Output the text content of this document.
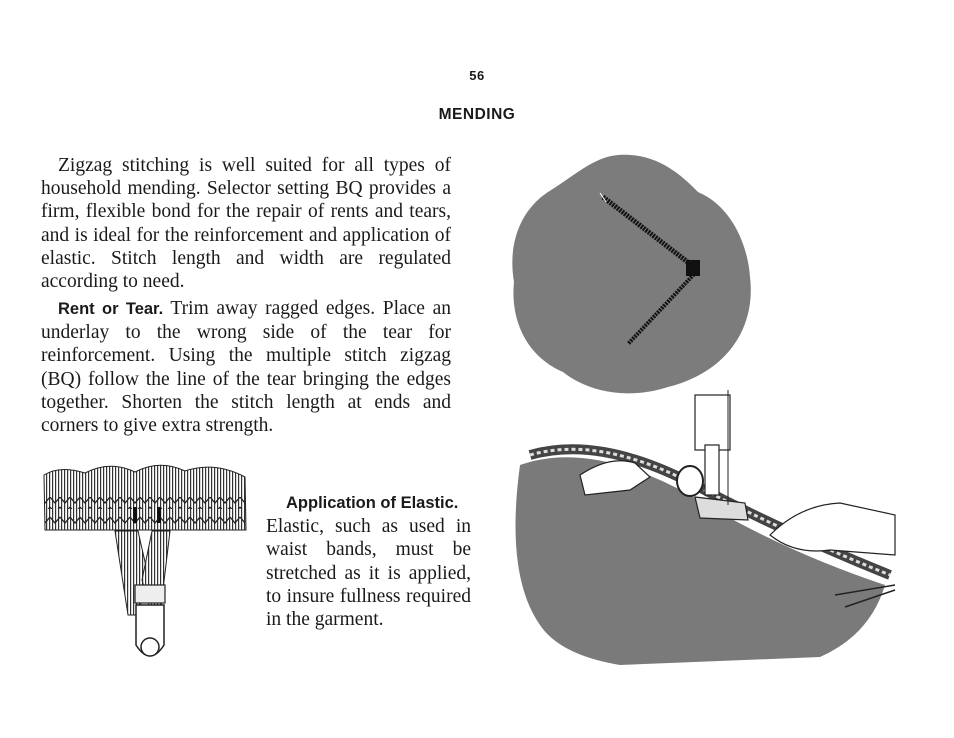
56
MENDING
Zigzag stitching is well suited for all types of household mending. Selector setting BQ provides a firm, flexible bond for the repair of rents and tears, and is ideal for the reinforcement and application of elastic. Stitch length and width are regulated according to need.
Rent or Tear. Trim away ragged edges. Place an underlay to the wrong side of the tear for reinforcement. Using the multiple stitch zigzag (BQ) follow the line of the tear bringing the edges together. Shorten the stitch length at ends and corners to give extra strength.
Application of Elastic.
Elastic, such as used in waist bands, must be stretched as it is applied, to insure fullness required in the garment.
